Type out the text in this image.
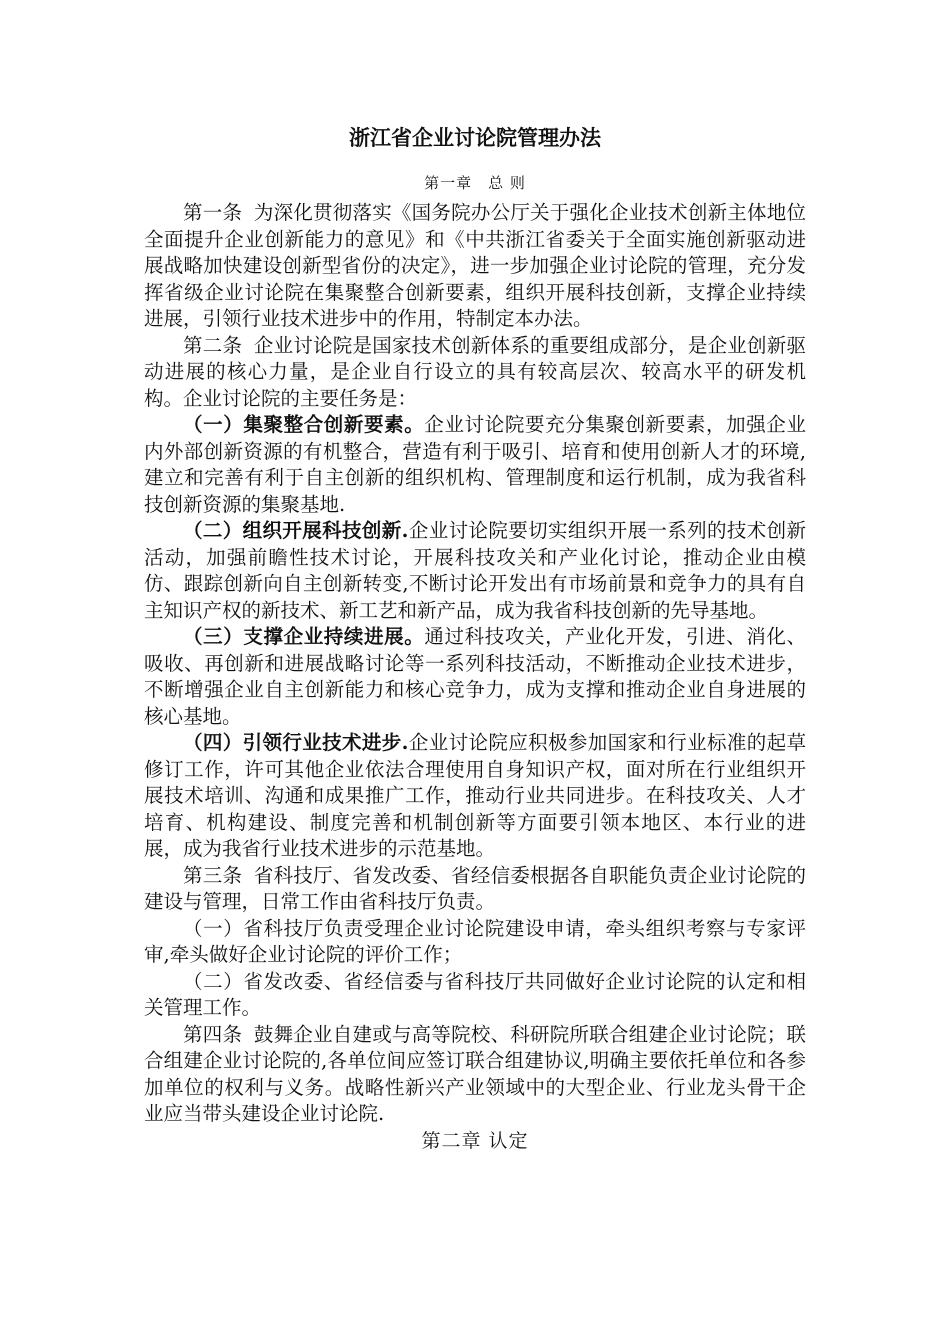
浙江省企业讨论院管理办法
第一章　总 则

第一条 为深化贯彻落实《国务院办公厅关于强化企业技术创新主体地位全面提升企业创新能力的意见》和《中共浙江省委关于全面实施创新驱动进展战略加快建设创新型省份的决定》，进一步加强企业讨论院的管理，充分发挥省级企业讨论院在集聚整合创新要素，组织开展科技创新，支撑企业持续进展，引领行业技术进步中的作用，特制定本办法。

第二条 企业讨论院是国家技术创新体系的重要组成部分，是企业创新驱动进展的核心力量，是企业自行设立的具有较高层次、较高水平的研发机构。企业讨论院的主要任务是：

（一）集聚整合创新要素。企业讨论院要充分集聚创新要素，加强企业内外部创新资源的有机整合，营造有利于吸引、培育和使用创新人才的环境,建立和完善有利于自主创新的组织机构、管理制度和运行机制，成为我省科技创新资源的集聚基地.

（二）组织开展科技创新.企业讨论院要切实组织开展一系列的技术创新活动，加强前瞻性技术讨论，开展科技攻关和产业化讨论，推动企业由模仿、跟踪创新向自主创新转变,不断讨论开发出有市场前景和竞争力的具有自主知识产权的新技术、新工艺和新产品，成为我省科技创新的先导基地。

（三）支撑企业持续进展。通过科技攻关，产业化开发，引进、消化、吸收、再创新和进展战略讨论等一系列科技活动，不断推动企业技术进步，不断增强企业自主创新能力和核心竞争力，成为支撑和推动企业自身进展的核心基地。

（四）引领行业技术进步.企业讨论院应积极参加国家和行业标准的起草修订工作，许可其他企业依法合理使用自身知识产权，面对所在行业组织开展技术培训、沟通和成果推广工作，推动行业共同进步。在科技攻关、人才培育、机构建设、制度完善和机制创新等方面要引领本地区、本行业的进展，成为我省行业技术进步的示范基地。

第三条 省科技厅、省发改委、省经信委根据各自职能负责企业讨论院的建设与管理，日常工作由省科技厅负责。

（一）省科技厅负责受理企业讨论院建设申请，牵头组织考察与专家评审,牵头做好企业讨论院的评价工作；

（二）省发改委、省经信委与省科技厅共同做好企业讨论院的认定和相关管理工作。

第四条 鼓舞企业自建或与高等院校、科研院所联合组建企业讨论院；联合组建企业讨论院的,各单位间应签订联合组建协议,明确主要依托单位和各参加单位的权利与义务。战略性新兴产业领域中的大型企业、行业龙头骨干企业应当带头建设企业讨论院.

第二章 认定
